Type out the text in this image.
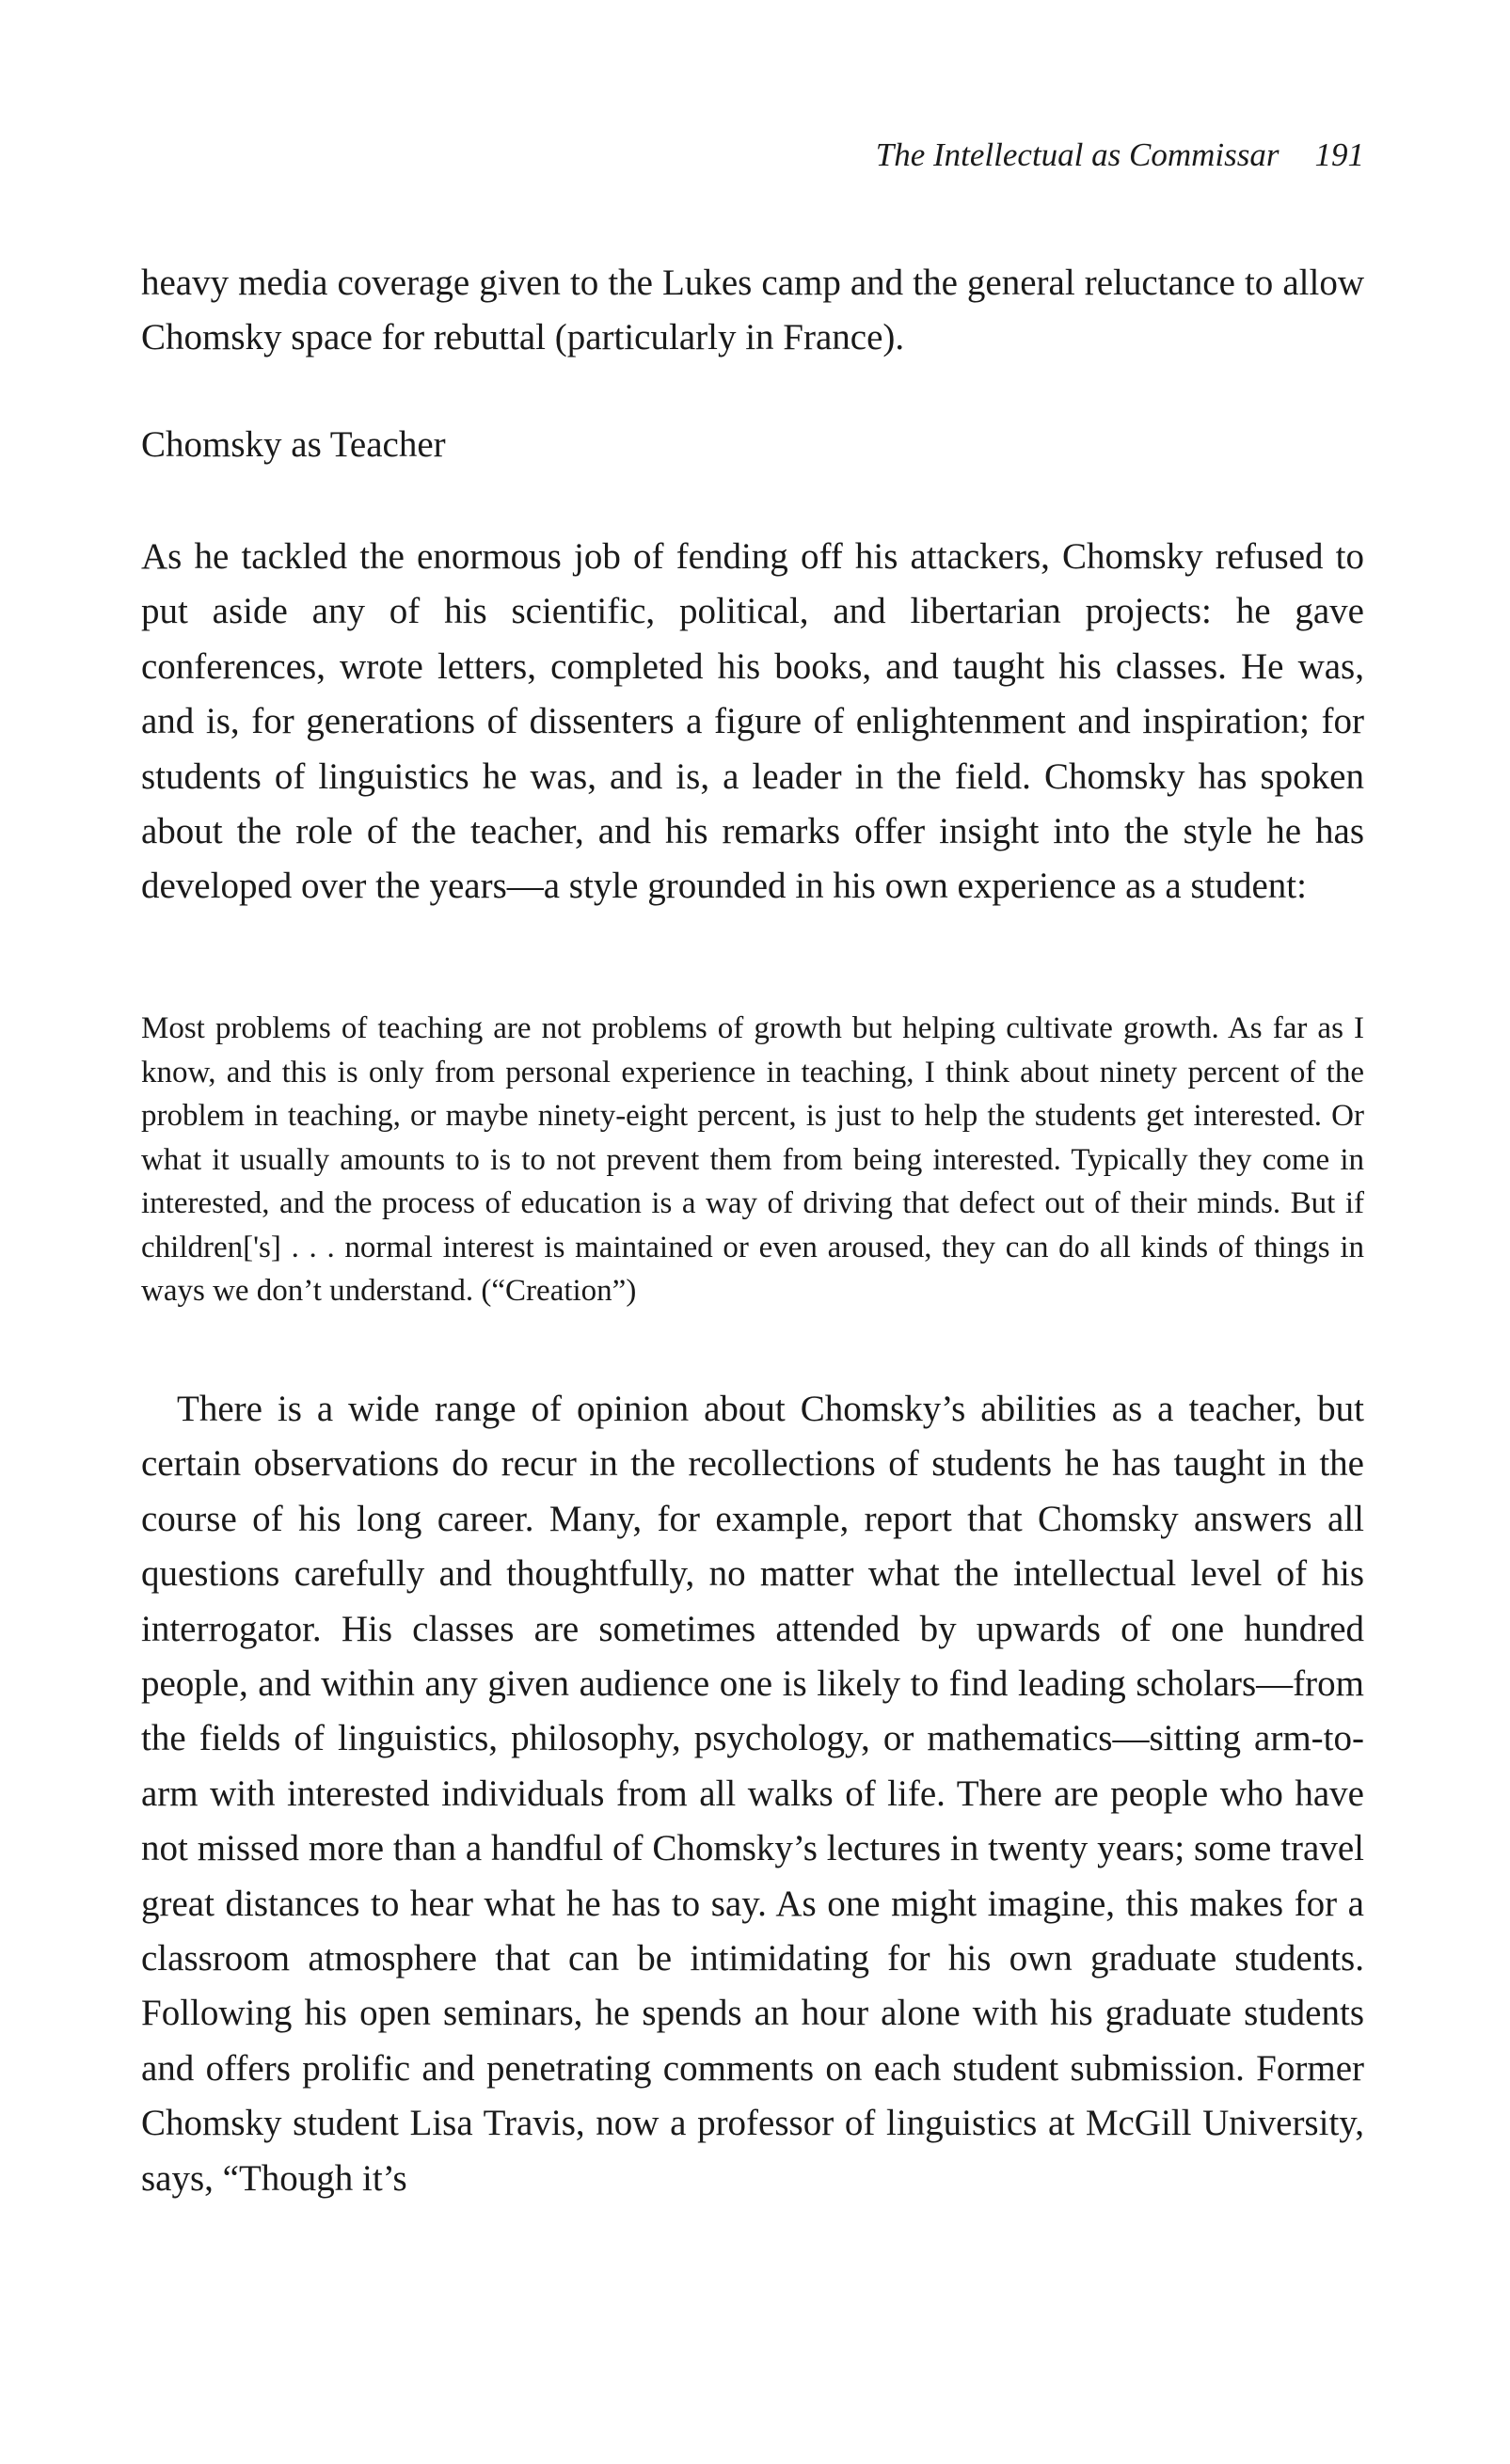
The Intellectual as Commissar 191

heavy media coverage given to the Lukes camp and the general reluctance to allow Chomsky space for rebuttal (particularly in France).

Chomsky as Teacher

As he tackled the enormous job of fending off his attackers, Chomsky refused to put aside any of his scientific, political, and libertarian projects: he gave conferences, wrote letters, completed his books, and taught his classes. He was, and is, for generations of dissenters a figure of enlightenment and inspiration; for students of linguistics he was, and is, a leader in the field. Chomsky has spoken about the role of the teacher, and his remarks offer insight into the style he has developed over the years—a style grounded in his own experience as a student:

Most problems of teaching are not problems of growth but helping cultivate growth. As far as I know, and this is only from personal experience in teaching, I think about ninety percent of the problem in teaching, or maybe ninety-eight percent, is just to help the students get interested. Or what it usually amounts to is to not prevent them from being interested. Typically they come in interested, and the process of education is a way of driving that defect out of their minds. But if children['s] . . . normal interest is maintained or even aroused, they can do all kinds of things in ways we don’t understand. (“Creation”)

There is a wide range of opinion about Chomsky’s abilities as a teacher, but certain observations do recur in the recollections of students he has taught in the course of his long career. Many, for example, report that Chomsky answers all questions carefully and thoughtfully, no matter what the intellectual level of his interrogator. His classes are sometimes attended by upwards of one hundred people, and within any given audience one is likely to find leading scholars—from the fields of linguistics, philosophy, psychology, or mathematics—sitting arm-to-arm with interested individuals from all walks of life. There are people who have not missed more than a handful of Chomsky’s lectures in twenty years; some travel great distances to hear what he has to say. As one might imagine, this makes for a classroom atmosphere that can be intimidating for his own graduate students. Following his open seminars, he spends an hour alone with his graduate students and offers prolific and penetrating comments on each student submission. Former Chomsky student Lisa Travis, now a professor of linguistics at McGill University, says, “Though it’s
